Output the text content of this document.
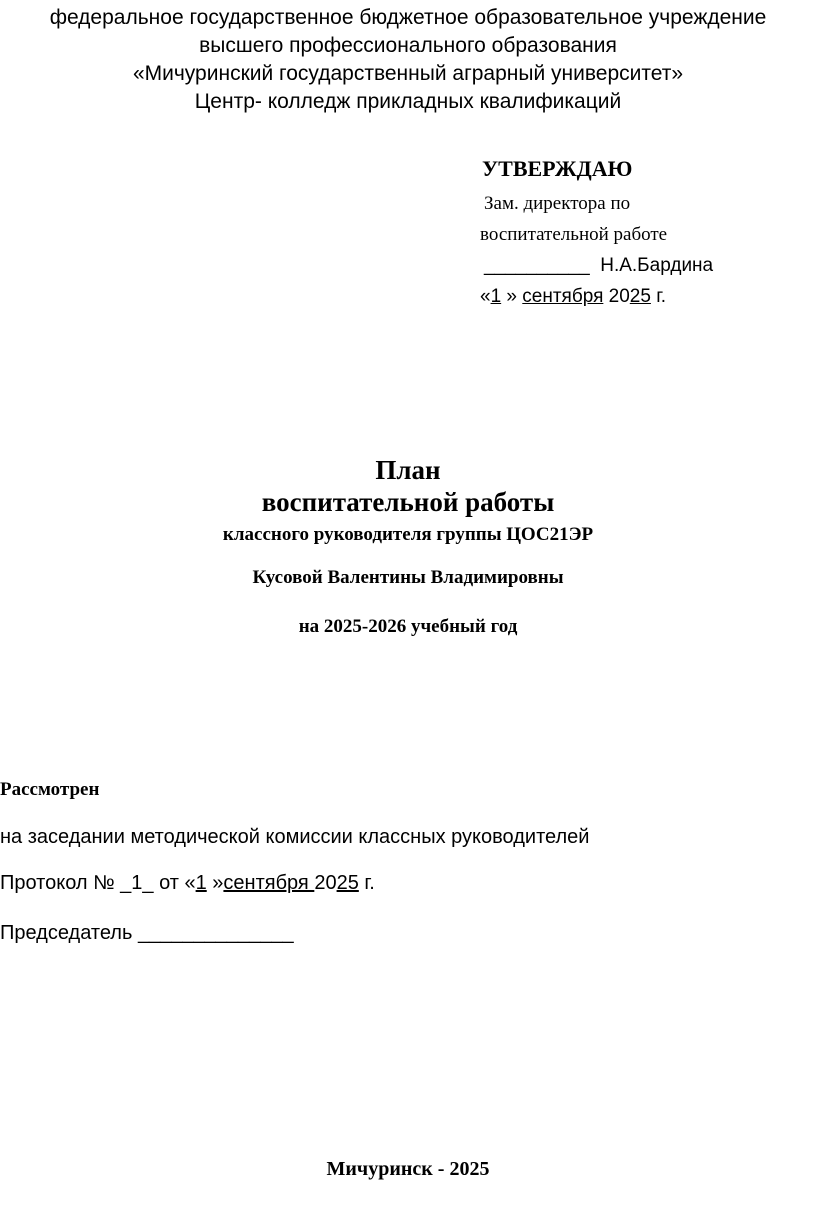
федеральное государственное бюджетное образовательное учреждение
высшего профессионального образования
«Мичуринский государственный аграрный университет»
Центр- колледж прикладных квалификаций
УТВЕРЖДАЮ
Зам. директора по
воспитательной работе
__________ Н.А.Бардина
«1 » сентября 2025 г.
План
воспитательной работы
классного руководителя группы ЦОС21ЭР
Кусовой Валентины Владимировны
на 2025-2026 учебный год
Рассмотрен
на заседании методической комиссии классных руководителей
Протокол № _1_ от «1 »сентября 2025 г.
Председатель ______________
Мичуринск - 2025
